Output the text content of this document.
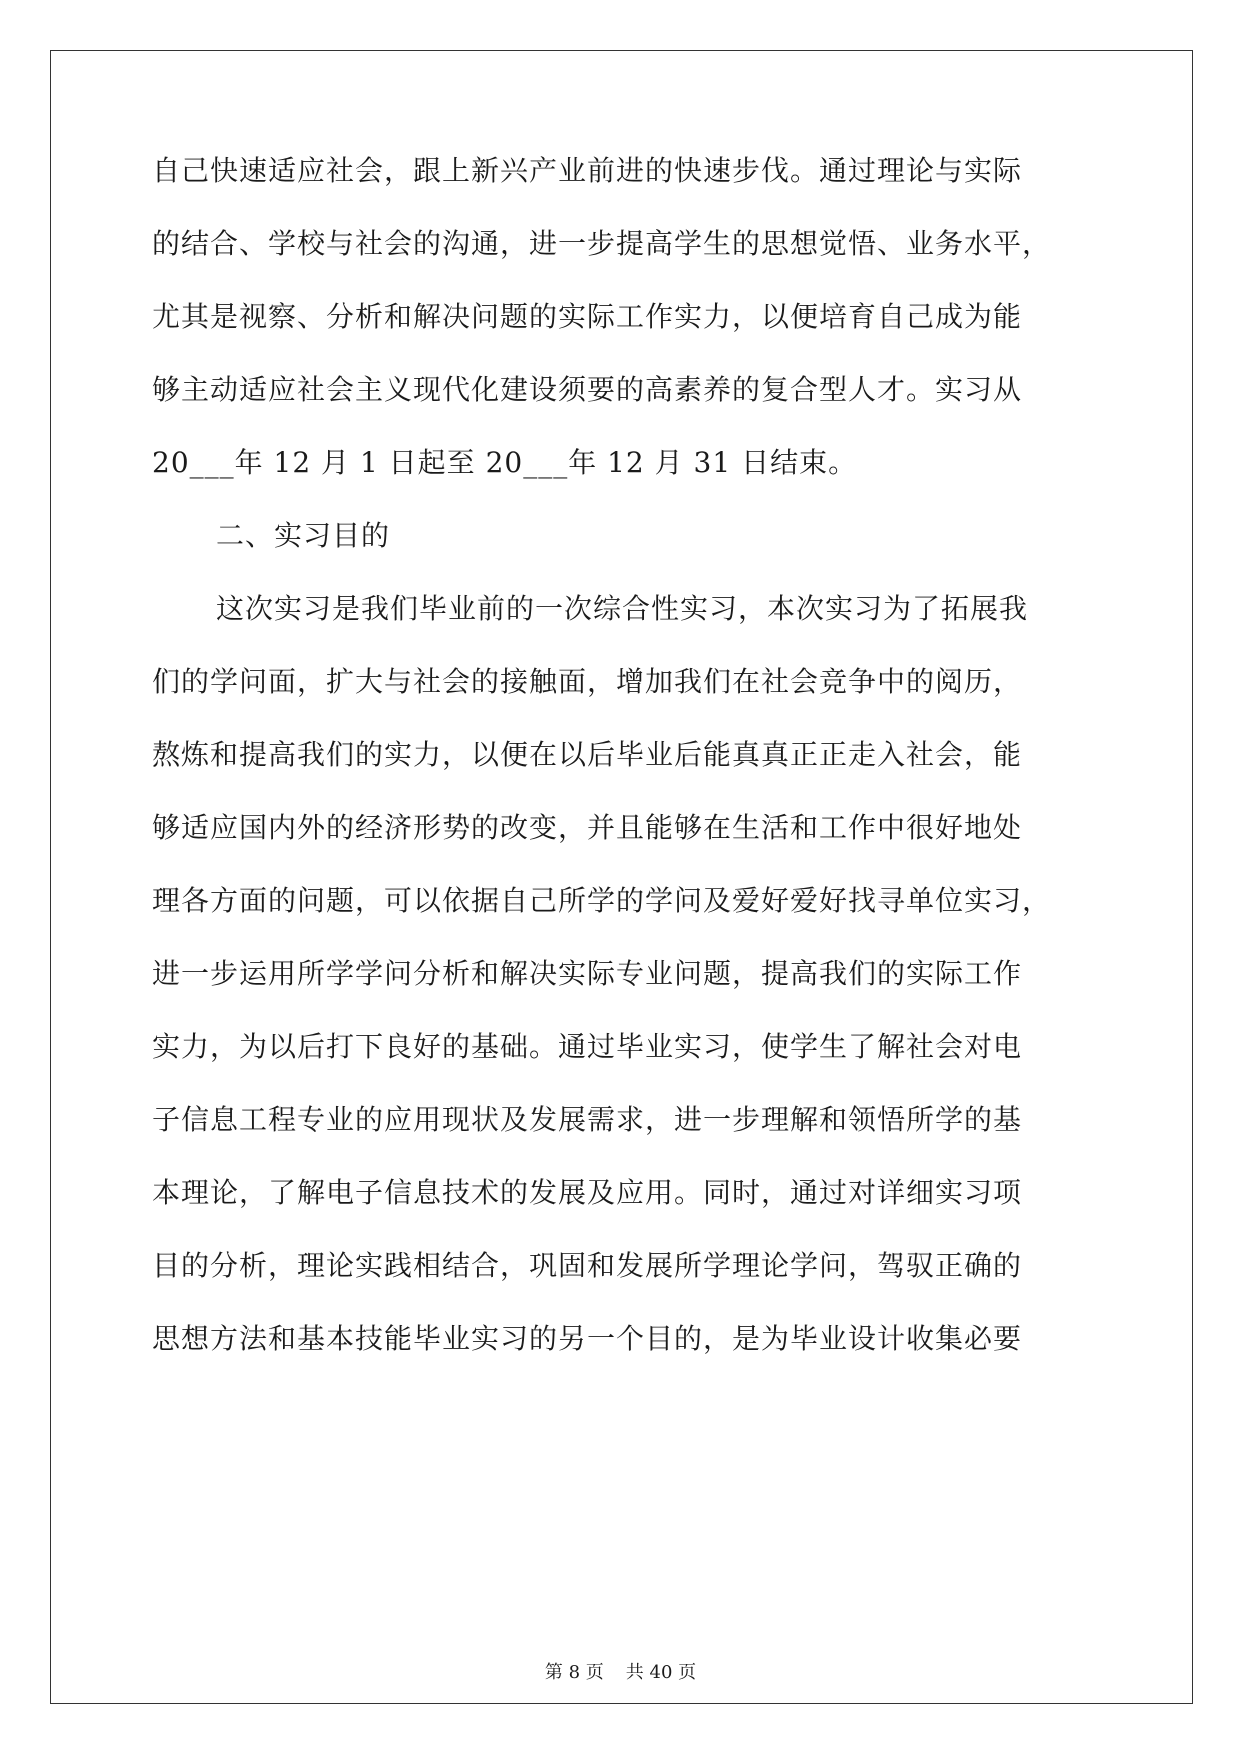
自己快速适应社会，跟上新兴产业前进的快速步伐。通过理论与实际

的结合、学校与社会的沟通，进一步提高学生的思想觉悟、业务水平，

尤其是视察、分析和解决问题的实际工作实力，以便培育自己成为能

够主动适应社会主义现代化建设须要的高素养的复合型人才。实习从

20___年 12 月 1 日起至 20___年 12 月 31 日结束。

二、实习目的

这次实习是我们毕业前的一次综合性实习，本次实习为了拓展我

们的学问面，扩大与社会的接触面，增加我们在社会竞争中的阅历，

熬炼和提高我们的实力，以便在以后毕业后能真真正正走入社会，能

够适应国内外的经济形势的改变，并且能够在生活和工作中很好地处

理各方面的问题，可以依据自己所学的学问及爱好爱好找寻单位实习，

进一步运用所学学问分析和解决实际专业问题，提高我们的实际工作

实力，为以后打下良好的基础。通过毕业实习，使学生了解社会对电

子信息工程专业的应用现状及发展需求，进一步理解和领悟所学的基

本理论，了解电子信息技术的发展及应用。同时，通过对详细实习项

目的分析，理论实践相结合，巩固和发展所学理论学问，驾驭正确的

思想方法和基本技能毕业实习的另一个目的，是为毕业设计收集必要

第 8 页 共 40 页
